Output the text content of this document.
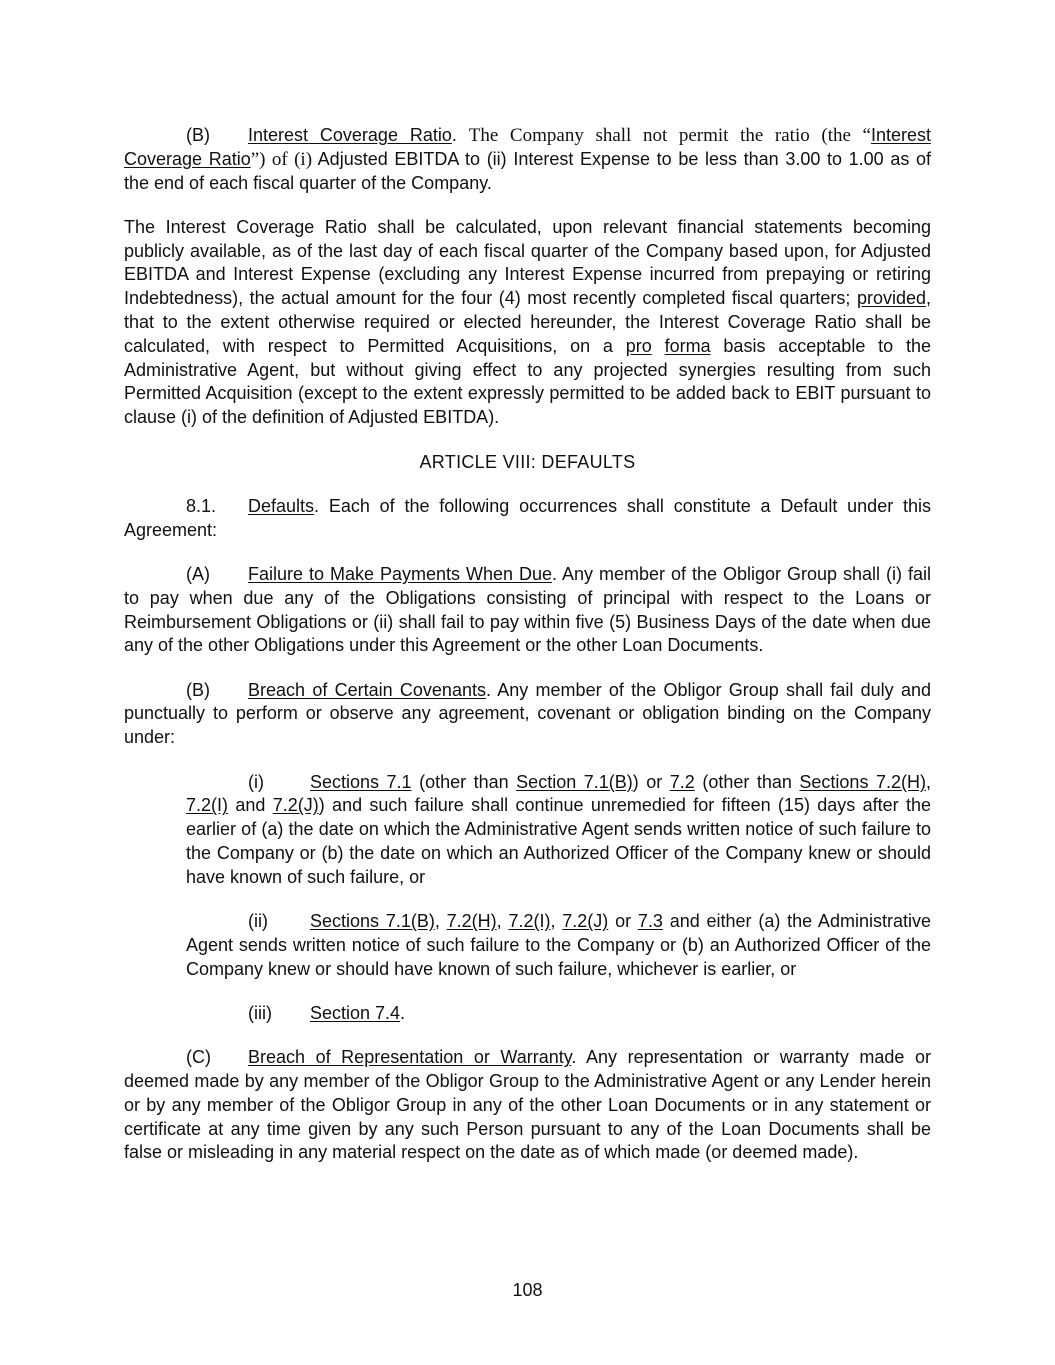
(B) Interest Coverage Ratio. The Company shall not permit the ratio (the “Interest Coverage Ratio”) of (i) Adjusted EBITDA to (ii) Interest Expense to be less than 3.00 to 1.00 as of the end of each fiscal quarter of the Company.

The Interest Coverage Ratio shall be calculated, upon relevant financial statements becoming publicly available, as of the last day of each fiscal quarter of the Company based upon, for Adjusted EBITDA and Interest Expense (excluding any Interest Expense incurred from prepaying or retiring Indebtedness), the actual amount for the four (4) most recently completed fiscal quarters; provided, that to the extent otherwise required or elected hereunder, the Interest Coverage Ratio shall be calculated, with respect to Permitted Acquisitions, on a pro forma basis acceptable to the Administrative Agent, but without giving effect to any projected synergies resulting from such Permitted Acquisition (except to the extent expressly permitted to be added back to EBIT pursuant to clause (i) of the definition of Adjusted EBITDA).

ARTICLE VIII: DEFAULTS

8.1. Defaults. Each of the following occurrences shall constitute a Default under this Agreement:

(A) Failure to Make Payments When Due. Any member of the Obligor Group shall (i) fail to pay when due any of the Obligations consisting of principal with respect to the Loans or Reimbursement Obligations or (ii) shall fail to pay within five (5) Business Days of the date when due any of the other Obligations under this Agreement or the other Loan Documents.

(B) Breach of Certain Covenants. Any member of the Obligor Group shall fail duly and punctually to perform or observe any agreement, covenant or obligation binding on the Company under:

(i)	Sections 7.1 (other than Section 7.1(B)) or 7.2 (other than Sections 7.2(H), 7.2(I) and 7.2(J)) and such failure shall continue unremedied for fifteen (15) days after the earlier of (a) the date on which the Administrative Agent sends written notice of such failure to the Company or (b) the date on which an Authorized Officer of the Company knew or should have known of such failure, or

(ii) Sections 7.1(B), 7.2(H), 7.2(I), 7.2(J) or 7.3 and either (a) the Administrative Agent sends written notice of such failure to the Company or (b) an Authorized Officer of the Company knew or should have known of such failure, whichever is earlier, or

(iii) Section 7.4.

(C) Breach of Representation or Warranty. Any representation or warranty made or deemed made by any member of the Obligor Group to the Administrative Agent or any Lender herein or by any member of the Obligor Group in any of the other Loan Documents or in any statement or certificate at any time given by any such Person pursuant to any of the Loan Documents shall be false or misleading in any material respect on the date as of which made (or deemed made).

108
